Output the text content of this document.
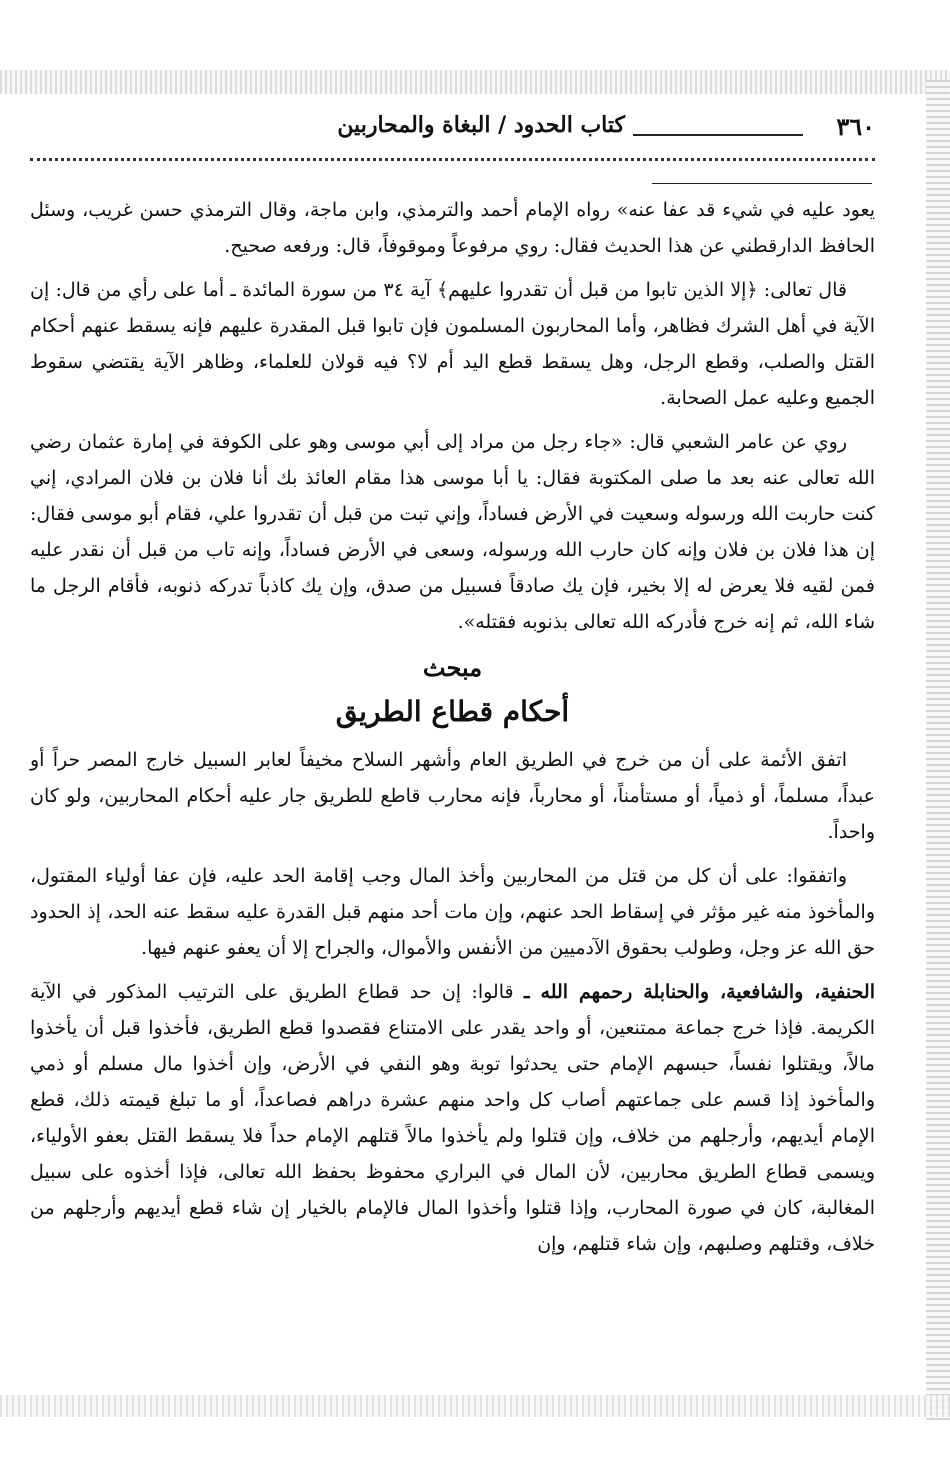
٣٦٠
كتاب الحدود / البغاة والمحاربين

يعود عليه في شيء قد عفا عنه» رواه الإمام أحمد والترمذي، وابن ماجة، وقال الترمذي حسن غريب، وسئل الحافظ الدارقطني عن هذا الحديث فقال: روي مرفوعاً وموقوفاً، قال: ورفعه صحيح.

قال تعالى: ﴿إلا الذين تابوا من قبل أن تقدروا عليهم﴾ آية ٣٤ من سورة المائدة ـ أما على رأي من قال: إن الآية في أهل الشرك فظاهر، وأما المحاربون المسلمون فإن تابوا قبل المقدرة عليهم فإنه يسقط عنهم أحكام القتل والصلب، وقطع الرجل، وهل يسقط قطع اليد أم لا؟ فيه قولان للعلماء، وظاهر الآية يقتضي سقوط الجميع وعليه عمل الصحابة.

روي عن عامر الشعبي قال: «جاء رجل من مراد إلى أبي موسى وهو على الكوفة في إمارة عثمان رضي الله تعالى عنه بعد ما صلى المكتوبة فقال: يا أبا موسى هذا مقام العائذ بك أنا فلان بن فلان المرادي، إني كنت حاربت الله ورسوله وسعيت في الأرض فساداً، وإني تبت من قبل أن تقدروا علي، فقام أبو موسى فقال: إن هذا فلان بن فلان وإنه كان حارب الله ورسوله، وسعى في الأرض فساداً، وإنه تاب من قبل أن نقدر عليه فمن لقيه فلا يعرض له إلا بخير، فإن يك صادقاً فسبيل من صدق، وإن يك كاذباً تدركه ذنوبه، فأقام الرجل ما شاء الله، ثم إنه خرج فأدركه الله تعالى بذنوبه فقتله».

مبحث
أحكام قطاع الطريق

اتفق الأئمة على أن من خرج في الطريق العام وأشهر السلاح مخيفاً لعابر السبيل خارج المصر حراً أو عبداً، مسلماً، أو ذمياً، أو مستأمناً، أو محارباً، فإنه محارب قاطع للطريق جار عليه أحكام المحاربين، ولو كان واحداً.

واتفقوا: على أن كل من قتل من المحاربين وأخذ المال وجب إقامة الحد عليه، فإن عفا أولياء المقتول، والمأخوذ منه غير مؤثر في إسقاط الحد عنهم، وإن مات أحد منهم قبل القدرة عليه سقط عنه الحد، إذ الحدود حق الله عز وجل، وطولب بحقوق الآدميين من الأنفس والأموال، والجراح إلا أن يعفو عنهم فيها.

الحنفية، والشافعية، والحنابلة رحمهم الله ـ قالوا: إن حد قطاع الطريق على الترتيب المذكور في الآية الكريمة. فإذا خرج جماعة ممتنعين، أو واحد يقدر على الامتناع فقصدوا قطع الطريق، فأخذوا قبل أن يأخذوا مالاً، ويقتلوا نفساً، حبسهم الإمام حتى يحدثوا توبة وهو النفي في الأرض، وإن أخذوا مال مسلم أو ذمي والمأخوذ إذا قسم على جماعتهم أصاب كل واحد منهم عشرة دراهم فصاعداً، أو ما تبلغ قيمته ذلك، قطع الإمام أيديهم، وأرجلهم من خلاف، وإن قتلوا ولم يأخذوا مالاً قتلهم الإمام حداً فلا يسقط القتل بعفو الأولياء، ويسمى قطاع الطريق محاربين، لأن المال في البراري محفوظ بحفظ الله تعالى، فإذا أخذوه على سبيل المغالبة، كان في صورة المحارب، وإذا قتلوا وأخذوا المال فالإمام بالخيار إن شاء قطع أيديهم وأرجلهم من خلاف، وقتلهم وصلبهم، وإن شاء قتلهم، وإن
